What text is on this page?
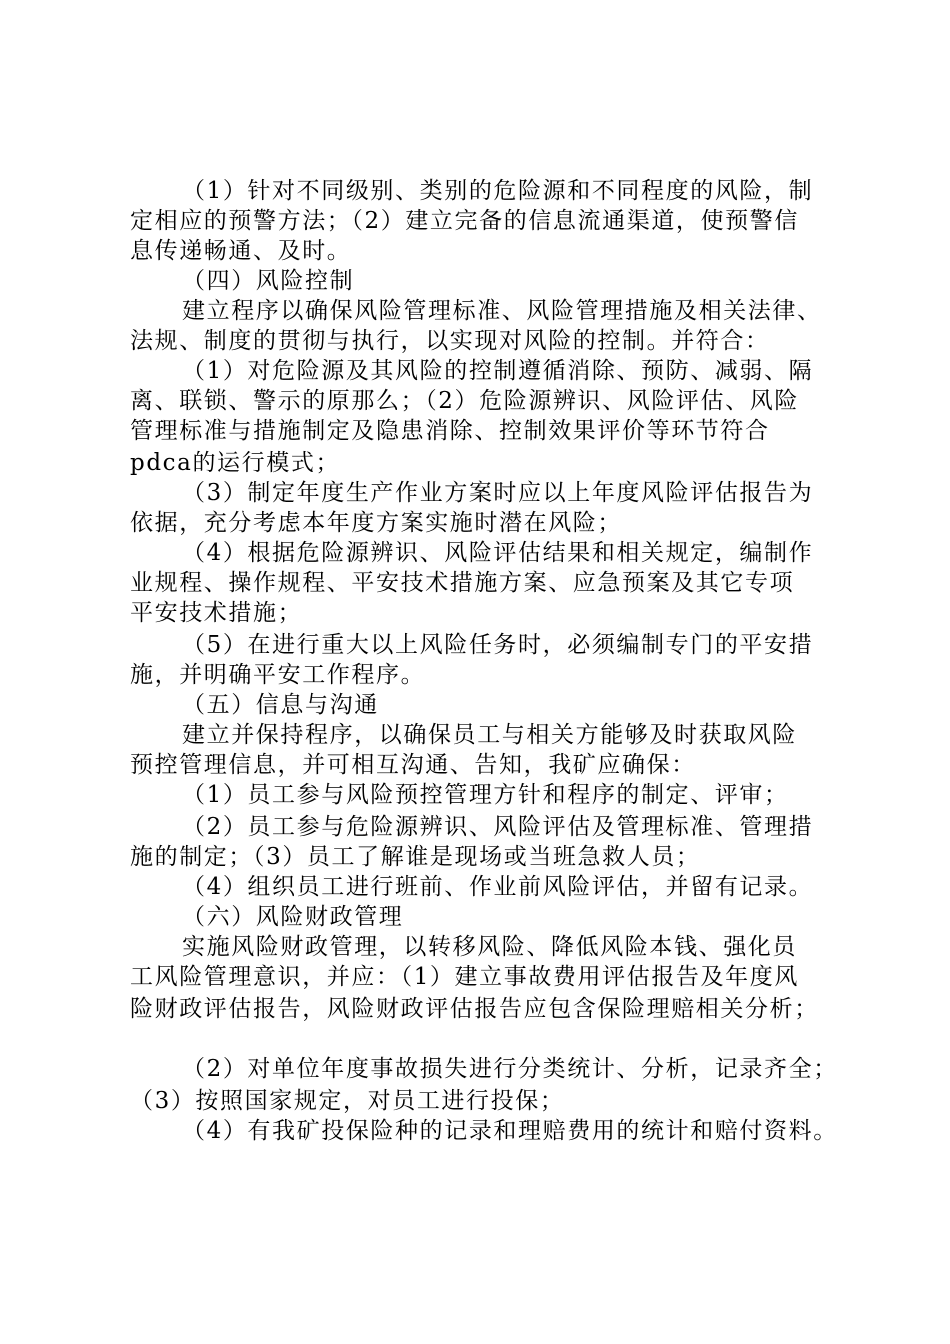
（1）针对不同级别、类别的危险源和不同程度的风险，制
定相应的预警方法；（2）建立完备的信息流通渠道，使预警信
息传递畅通、及时。
（四）风险控制
建立程序以确保风险管理标准、风险管理措施及相关法律、
法规、制度的贯彻与执行，以实现对风险的控制。并符合：
（1）对危险源及其风险的控制遵循消除、预防、减弱、隔
离、联锁、警示的原那么；（2）危险源辨识、风险评估、风险
管理标准与措施制定及隐患消除、控制效果评价等环节符合
pdca的运行模式；
（3）制定年度生产作业方案时应以上年度风险评估报告为
依据，充分考虑本年度方案实施时潜在风险；
（4）根据危险源辨识、风险评估结果和相关规定，编制作
业规程、操作规程、平安技术措施方案、应急预案及其它专项
平安技术措施；
（5）在进行重大以上风险任务时，必须编制专门的平安措
施，并明确平安工作程序。
（五）信息与沟通
建立并保持程序，以确保员工与相关方能够及时获取风险
预控管理信息，并可相互沟通、告知，我矿应确保：
（1）员工参与风险预控管理方针和程序的制定、评审；
（2）员工参与危险源辨识、风险评估及管理标准、管理措
施的制定；（3）员工了解谁是现场或当班急救人员；
（4）组织员工进行班前、作业前风险评估，并留有记录。
（六）风险财政管理
实施风险财政管理，以转移风险、降低风险本钱、强化员
工风险管理意识，并应：（1）建立事故费用评估报告及年度风
险财政评估报告，风险财政评估报告应包含保险理赔相关分析；
（2）对单位年度事故损失进行分类统计、分析，记录齐全；
（3）按照国家规定，对员工进行投保；
（4）有我矿投保险种的记录和理赔费用的统计和赔付资料。
